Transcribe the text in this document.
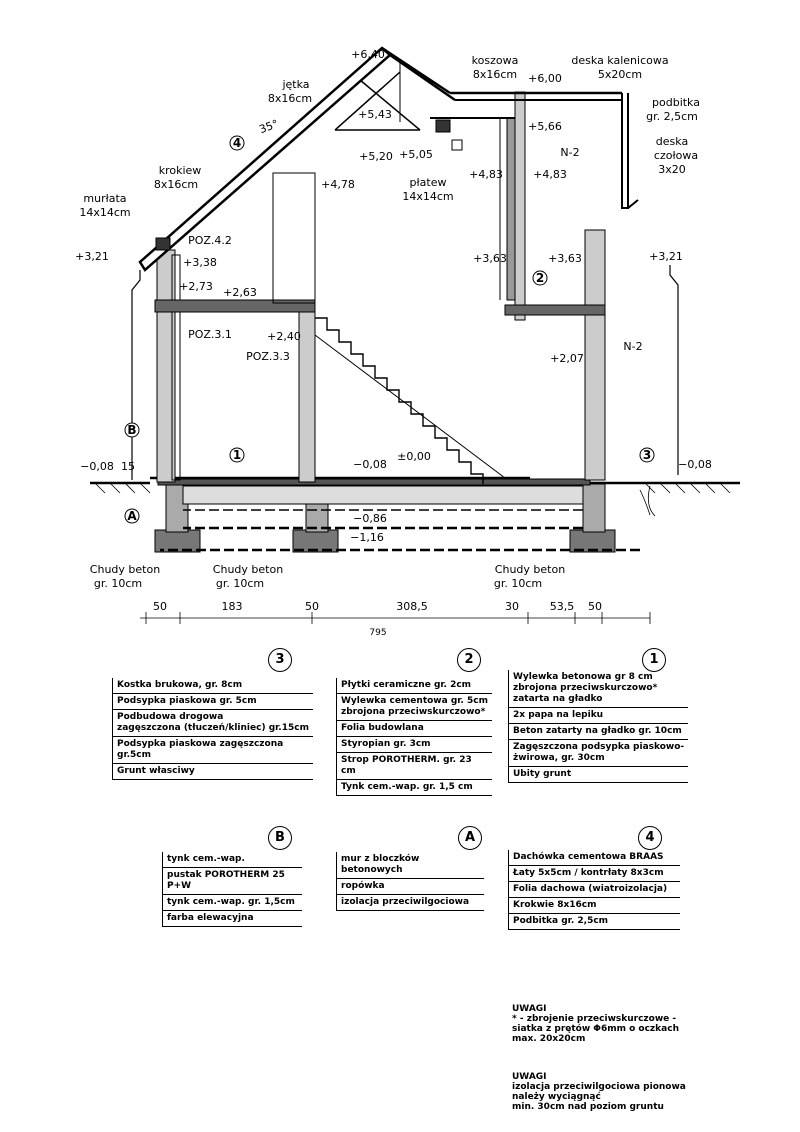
deska kalenicowa
5x20cm
koszowa
8x16cm
jętka
8x16cm	podbitka
gr. 2,5cm
deska
czołowa
3x20
krokiew
8x16cm
murłata
14x14cm
płatew
14x14cm
35°
POZ.4.2
POZ.3.1
POZ.3.3
N-2
N-2
Chudy beton
gr. 10cm
Chudy beton
gr. 10cm
Chudy beton
gr. 10cm
+6,40
+6,00
+5,66
+5,43
+5,20 +5,05
+4,83	+4,83
+4,78
+3,63	+3,63
+3,38
+3,21	+3,21
+2,73 +2,63
+2,40
+2,07
±0,00
−0,08
−0,08	−0,08
−0,86
−1,16
15
50	183	50	308,5	30	53,5 50
795
4
2
1	3
B
A
1
Wylewka betonowa gr 8 cm
zbrojona przeciwskurczowo*
zatarta na gładko
2x papa na lepiku
Beton zatarty na gładko gr. 10cm
Zagęszczona podsypka piaskowo-
żwirowa, gr. 30cm
Ubity grunt
2
Płytki ceramiczne gr. 2cm
Wylewka cementowa gr. 5cm
zbrojona przeciwskurczowo*
Folia budowlana
Styropian gr. 3cm
Strop POROTHERM. gr. 23 cm
Tynk cem.-wap. gr. 1,5 cm
3
Kostka brukowa, gr. 8cm
Podsypka piaskowa gr. 5cm
Podbudowa drogowa
zagęszczona (tłuczeń/kliniec) gr.15cm
Podsypka piaskowa zagęszczona gr.5cm
Grunt własciwy
4
Dachówka cementowa BRAAS
Łaty 5x5cm / kontrłaty 8x3cm
Folia dachowa (wiatroizolacja)
Krokwie 8x16cm
Podbitka gr. 2,5cm
A
mur z bloczków betonowych
ropówka
izolacja przeciwilgociowa
B
tynk cem.-wap.
pustak POROTHERM 25 P+W
tynk cem.-wap. gr. 1,5cm
farba elewacyjna
UWAGI
* - zbrojenie przeciwskurczowe -
siatka z prętów Φ6mm o oczkach
max. 20x20cm
UWAGI
izolacja przeciwilgociowa pionowa
należy wyciągnąć
min. 30cm nad poziom gruntu
